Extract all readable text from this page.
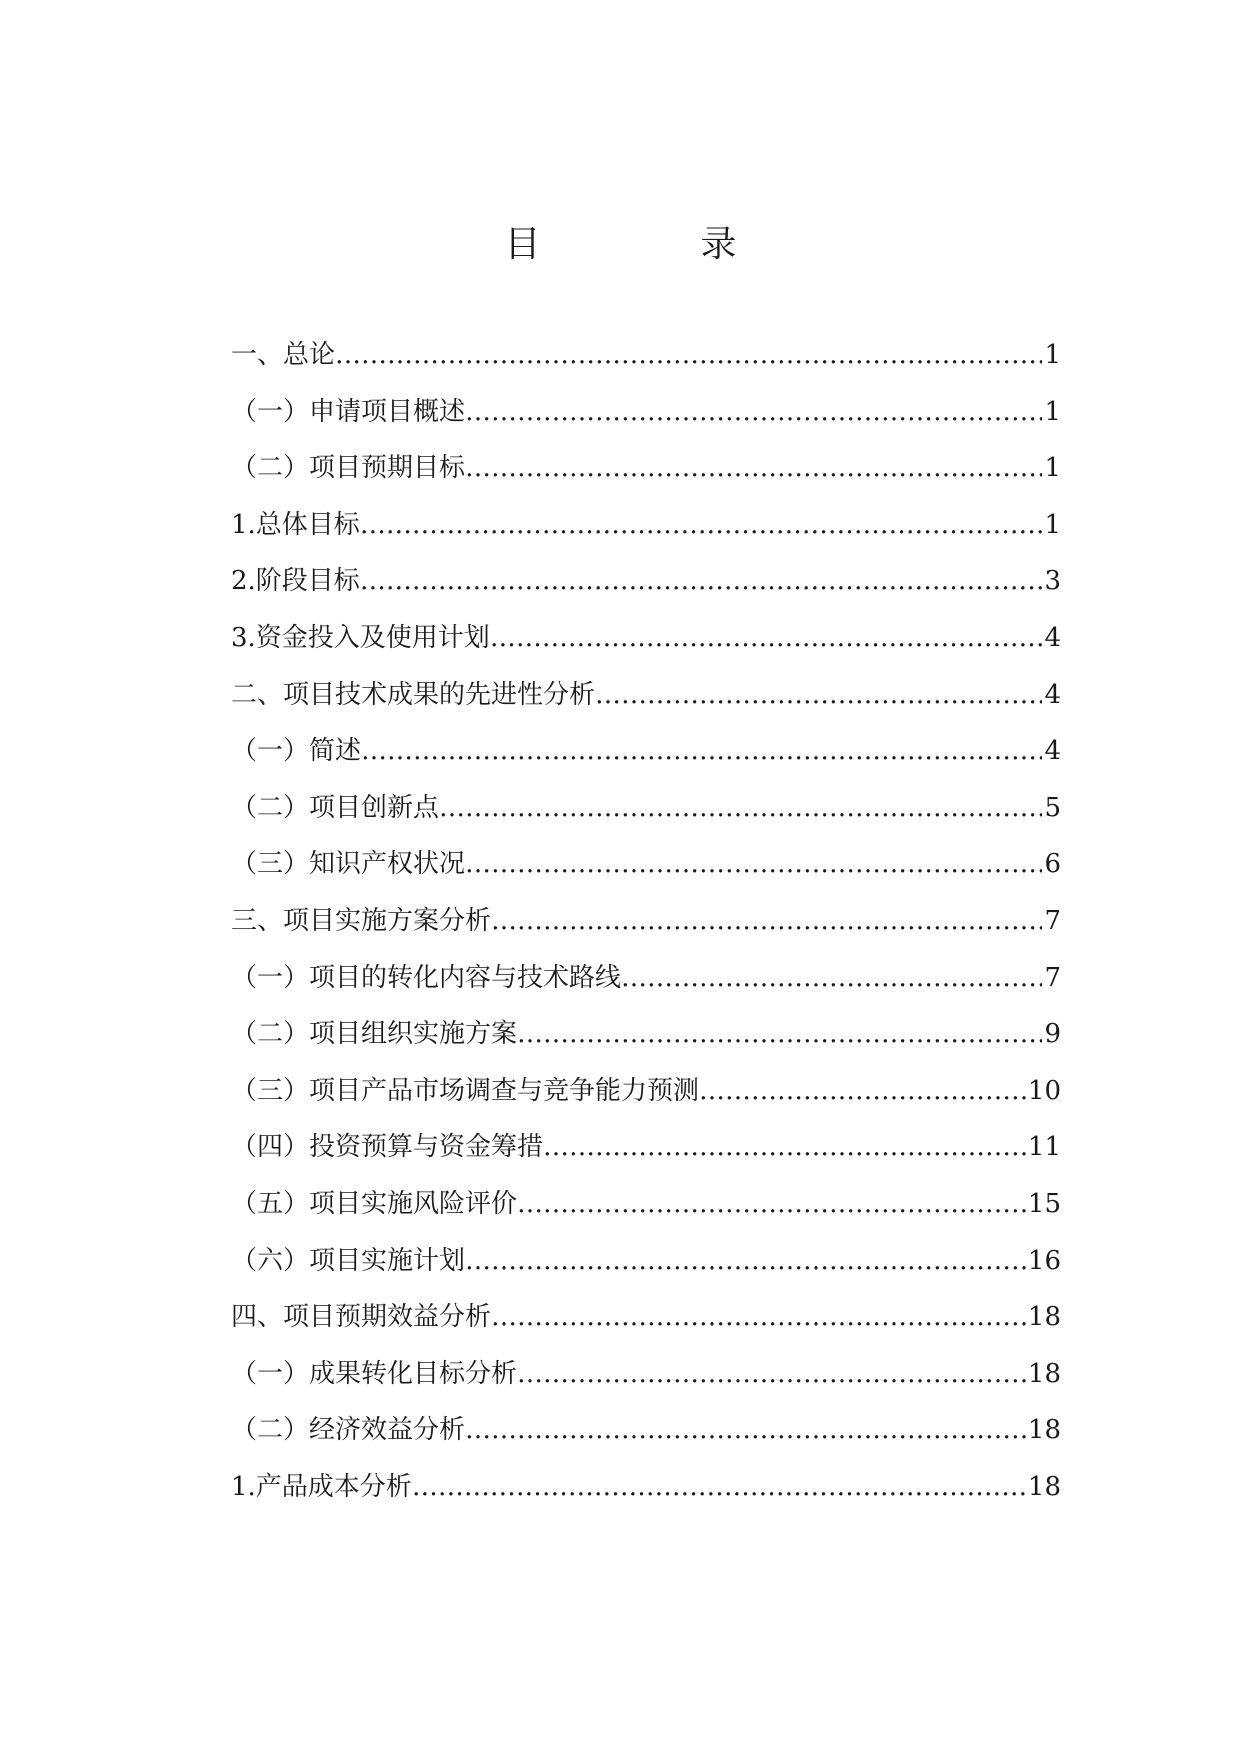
目　录
一、总论 ……………………………………………………………………………………………………………………………………………………	1
（一）申请项目概述 ……………………………………………………………………………………………………………………………………………………	1
（二）项目预期目标 ……………………………………………………………………………………………………………………………………………………	1
1.总体目标 ……………………………………………………………………………………………………………………………………………………	1
2.阶段目标 ……………………………………………………………………………………………………………………………………………………	3
3.资金投入及使用计划 ……………………………………………………………………………………………………………………………………………………	4
二、项目技术成果的先进性分析 ……………………………………………………………………………………………………………………………………………………	4
（一）简述 ……………………………………………………………………………………………………………………………………………………	4
（二）项目创新点 ……………………………………………………………………………………………………………………………………………………	5
（三）知识产权状况 ……………………………………………………………………………………………………………………………………………………	6
三、项目实施方案分析 ……………………………………………………………………………………………………………………………………………………	7
（一）项目的转化内容与技术路线 ……………………………………………………………………………………………………………………………………………………	7
（二）项目组织实施方案 ……………………………………………………………………………………………………………………………………………………	9
（三）项目产品市场调查与竞争能力预测 ……………………………………………………………………………………………………………………………………………………	10
（四）投资预算与资金筹措 ……………………………………………………………………………………………………………………………………………………	11
（五）项目实施风险评价 ……………………………………………………………………………………………………………………………………………………	15
（六）项目实施计划 ……………………………………………………………………………………………………………………………………………………	16
四、项目预期效益分析 ……………………………………………………………………………………………………………………………………………………	18
（一）成果转化目标分析 ……………………………………………………………………………………………………………………………………………………	18
（二）经济效益分析 ……………………………………………………………………………………………………………………………………………………	18
1.产品成本分析 ……………………………………………………………………………………………………………………………………………………	18
